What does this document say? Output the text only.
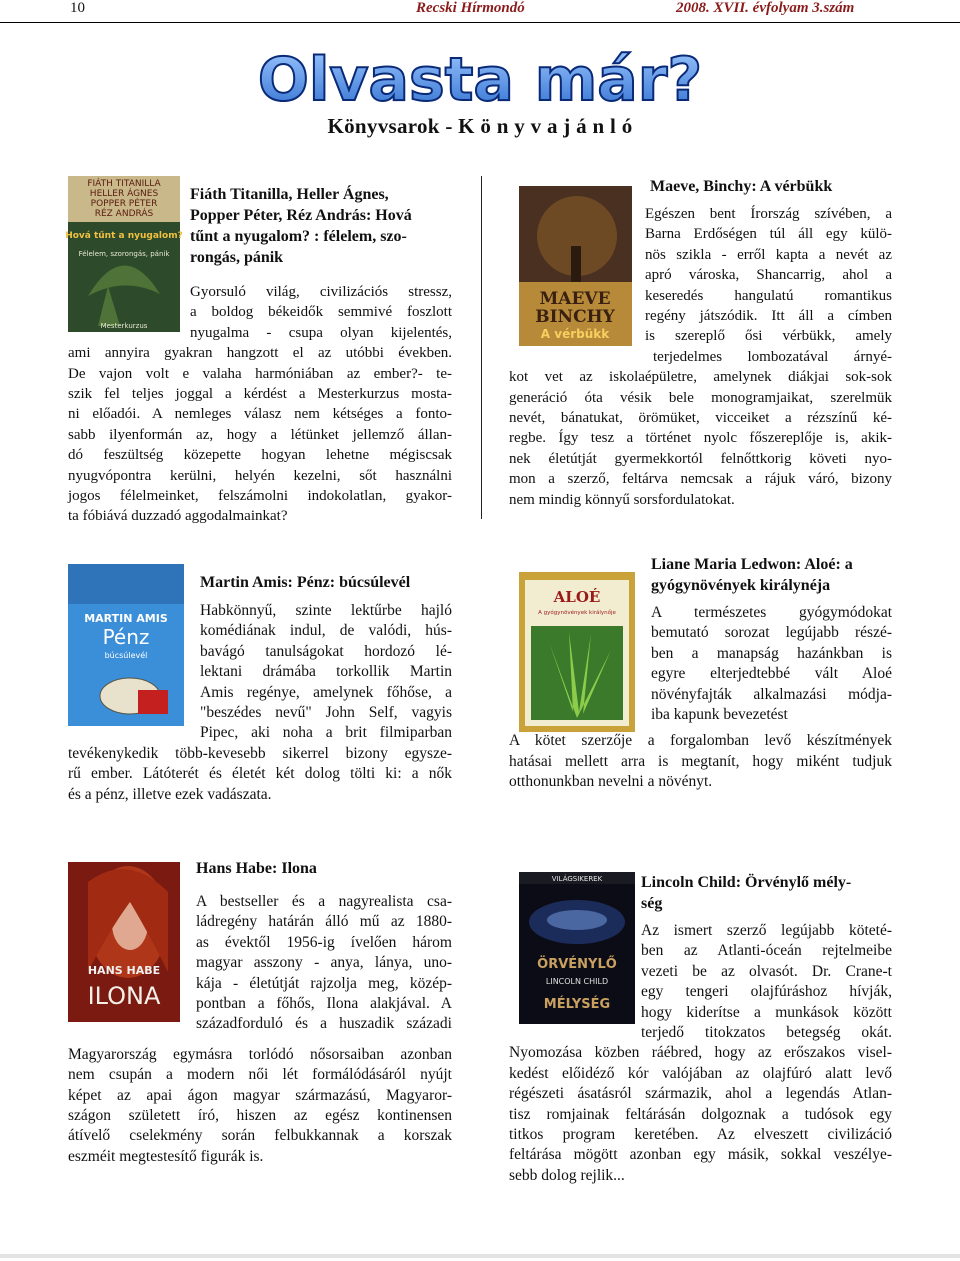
10	Recski Hírmondó	2008. XVII. évfolyam 3.szám
Olvasta már?
Könyvsarok - K ö n y v a j á n l ó
FIÁTH TITANILLA
HELLER ÁGNES
POPPER PÉTER
RÉZ ANDRÁS
Hová tűnt a nyugalom?
Félelem, szorongás, pánik
Mesterkurzus
Fiáth Titanilla, Heller Ágnes,
Popper Péter, Réz András: Hová
tűnt a nyugalom? : félelem, szo-
rongás, pánik
Gyorsuló világ, civilizációs stressz,
a boldog békeidők semmivé foszlott
nyugalma - csupa olyan kijelentés,
ami annyira gyakran hangzott el az utóbbi években.
De vajon volt e valaha harmóniában az ember?- te-
szik fel teljes joggal a kérdést a Mesterkurzus mosta-
ni előadói. A nemleges válasz nem kétséges a fonto-
sabb ilyenformán az, hogy a létünket jellemző állan-
dó feszültség közepette hogyan lehetne mégiscsak
nyugvópontra kerülni, helyén kezelni, sőt használni
jogos félelmeinket, felszámolni indokolatlan, gyakor-
ta fóbiává duzzadó aggodalmainkat?
MAEVE
BINCHY
A vérbükk
Maeve, Binchy: A vérbükk
Egészen bent Írország szívében, a
Barna Erdőségen túl áll egy külö-
nös szikla - erről kapta a nevét az
apró városka, Shancarrig, ahol a
kesered​és hangulatú romantikus
regény játszódik. Itt áll a címben
is szereplő ősi vérbükk, amely
terjedelmes lombozatával árnyé-
kot vet az iskolaépületre, amelynek diákjai sok-sok
generáció óta vésik bele monogramjaikat, szerelmük
nevét, bánatukat, örömüket, vicceiket a rézszínű ké-
regbe. Így tesz a történet nyolc főszereplője is, akik-
nek életútját gyermekkortól felnőttkorig követi nyo-
mon a szerző, feltárva nemcsak a rájuk váró, bizony
nem mindig könnyű sorsfordulatokat.
MARTIN AMIS
Pénz
búcsúlevél
Martin Amis: Pénz: búcsúlevél
Habkönnyű, szinte lektűrbe hajló
komédiának indul, de valódi, hús-
bavágó tanulságokat hordozó lé-
lektani drámába torkollik Martin
Amis regénye, amelynek főhőse, a
"beszédes nevű" John Self, vagyis
Pipec, aki noha a brit filmiparban
tevékenykedik több-kevesebb sikerrel bizony egysze-
rű ember. Látóterét és életét két dolog tölti ki: a nők
és a pénz, illetve ezek vadászata.
ALOÉ
A gyógynövények királynője
Liane Maria Ledwon: Aloé: a
gyógynövények királynéja
A természetes gyógymódokat
bemutató sorozat legújabb részé-
ben a manapság hazánkban is
egyre elterjedtebbé vált Aloé
növényfajták alkalmazási módja-
iba kapunk bevezetést
A kötet szerzője a forgalomban levő készítmények
hatásai mellett arra is megtanít, hogy miként tudjuk
otthonunkban nevelni a növényt.
HANS HABE
ILONA
Hans Habe: Ilona
A bestseller és a nagyrealista csa-
ládregény határán álló mű az 1880-
as évektől 1956-ig ívelően három
magyar asszony - anya, lánya, uno-
kája - életútját rajzolja meg, közép-
pontban a főhős, Ilona alakjával. A
századforduló és a huszadik századi
Magyarország egymásra torlódó nősorsaiban azonban
nem csupán a modern női lét formálódásáról nyújt
képet az apai ágon magyar származású, Magyaror-
szágon született író, hiszen az egész kontinensen
átívelő cselekmény során felbukkannak a korszak
eszméit megtestesítő figurák is.
VILÁGSIKEREK
ÖRVÉNYLŐ
LINCOLN CHILD
MÉLYSÉG
Lincoln Child: Örvénylő mély-
ség
Az ismert szerző legújabb köteté-
ben az Atlanti-óceán rejtelmeibe
vezeti be az olvasót. Dr. Crane-t
egy tengeri olajfúráshoz hívják,
hogy kiderítse a munkások között
terjedő titokzatos betegség okát.
Nyomozása közben ráébred, hogy az erőszakos visel-
kedést előidéző kór valójában az olajfúró alatt levő
régészeti ásatásról származik, ahol a legendás Atlan-
tisz romjainak feltárásán dolgoznak a tudósok egy
titkos program keretében. Az elveszett civilizáció
feltárása mögött azonban egy másik, sokkal veszélye-
sebb dolog rejlik...
